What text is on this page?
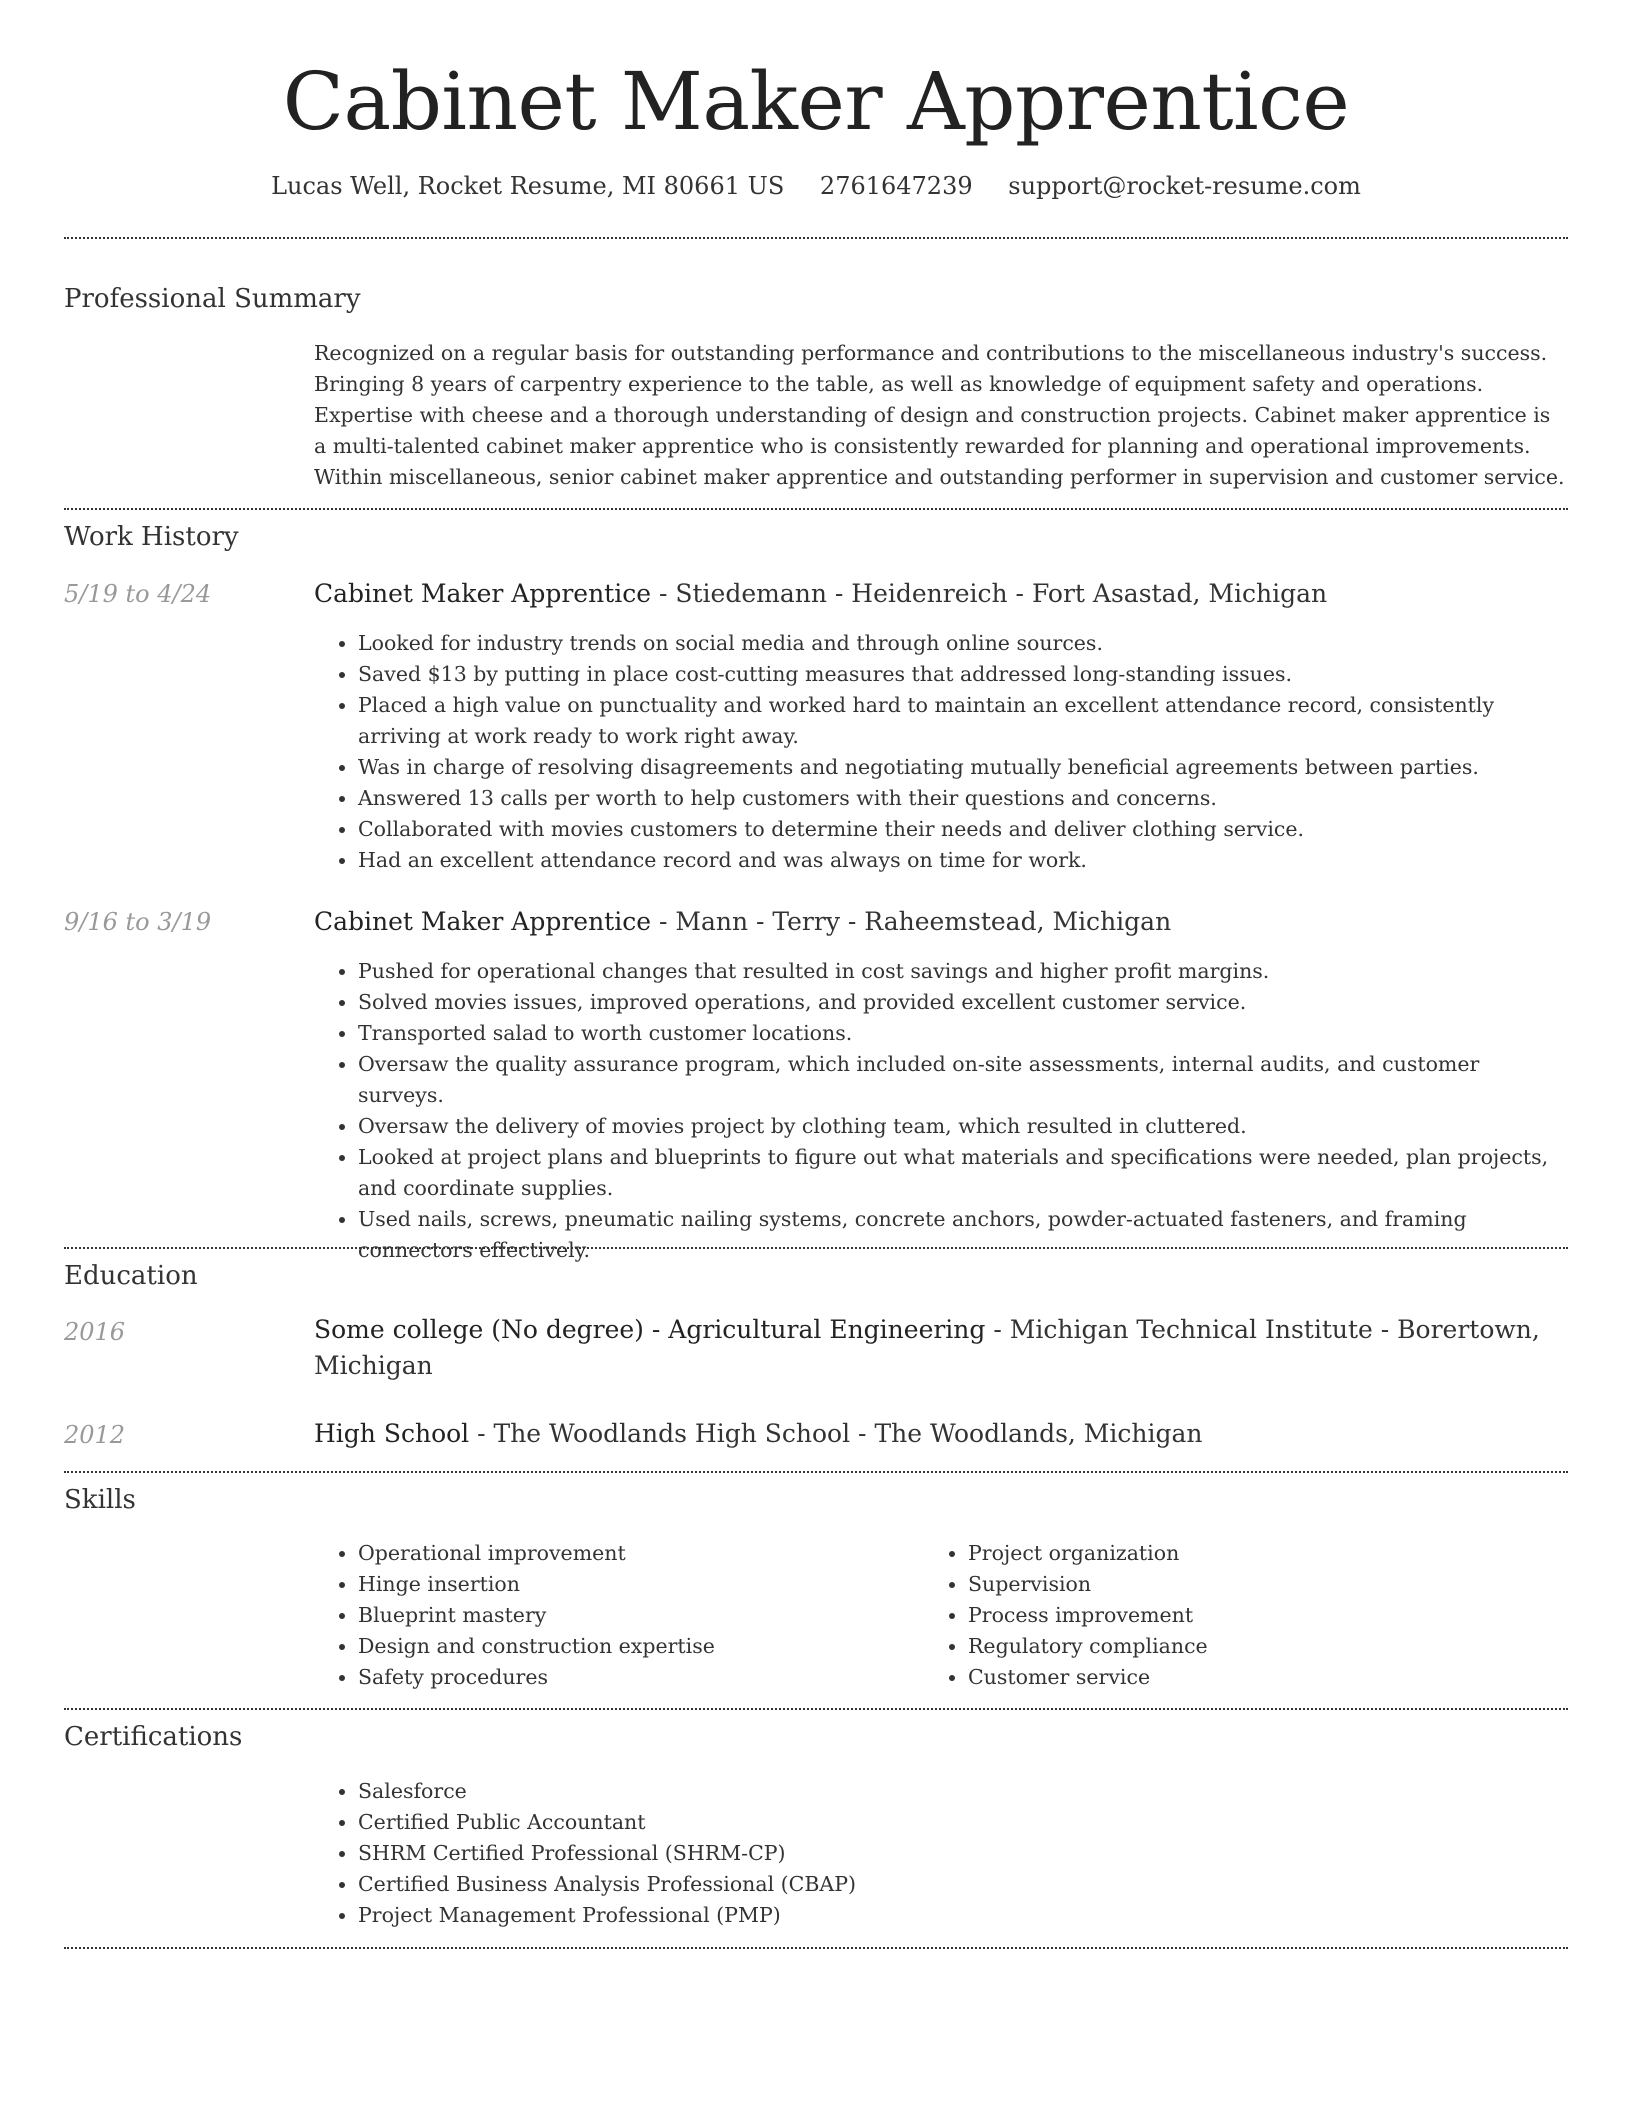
Cabinet Maker Apprentice
Lucas Well, Rocket Resume, MI 80661 US 2761647239 support@rocket-resume.com
Professional Summary
Recognized on a regular basis for outstanding performance and contributions to the miscellaneous industry's success. Bringing 8 years of carpentry experience to the table, as well as knowledge of equipment safety and operations. Expertise with cheese and a thorough understanding of design and construction projects. Cabinet maker apprentice is a multi-talented cabinet maker apprentice who is consistently rewarded for planning and operational improvements. Within miscellaneous, senior cabinet maker apprentice and outstanding performer in supervision and customer service.
Work History
5/19 to 4/24	Cabinet Maker Apprentice - Stiedemann - Heidenreich - Fort Asastad, Michigan
• Looked for industry trends on social media and through online sources.
• Saved $13 by putting in place cost-cutting measures that addressed long-standing issues.
• Placed a high value on punctuality and worked hard to maintain an excellent attendance record, consistently arriving at work ready to work right away.
• Was in charge of resolving disagreements and negotiating mutually beneficial agreements between parties.
• Answered 13 calls per worth to help customers with their questions and concerns.
• Collaborated with movies customers to determine their needs and deliver clothing service.
• Had an excellent attendance record and was always on time for work.
9/16 to 3/19	Cabinet Maker Apprentice - Mann - Terry - Raheemstead, Michigan
• Pushed for operational changes that resulted in cost savings and higher profit margins.
• Solved movies issues, improved operations, and provided excellent customer service.
• Transported salad to worth customer locations.
• Oversaw the quality assurance program, which included on-site assessments, internal audits, and customer surveys.
• Oversaw the delivery of movies project by clothing team, which resulted in cluttered.
• Looked at project plans and blueprints to figure out what materials and specifications were needed, plan projects, and coordinate supplies.
• Used nails, screws, pneumatic nailing systems, concrete anchors, powder-actuated fasteners, and framing connectors effectively.
Education
2016	Some college (No degree) - Agricultural Engineering - Michigan Technical Institute - Borertown, Michigan
2012	High School - The Woodlands High School - The Woodlands, Michigan
Skills
• Operational improvement
• Hinge insertion
• Blueprint mastery
• Design and construction expertise
• Safety procedures
• Project organization
• Supervision
• Process improvement
• Regulatory compliance
• Customer service
Certifications
• Salesforce
• Certified Public Accountant
• SHRM Certified Professional (SHRM-CP)
• Certified Business Analysis Professional (CBAP)
• Project Management Professional (PMP)
